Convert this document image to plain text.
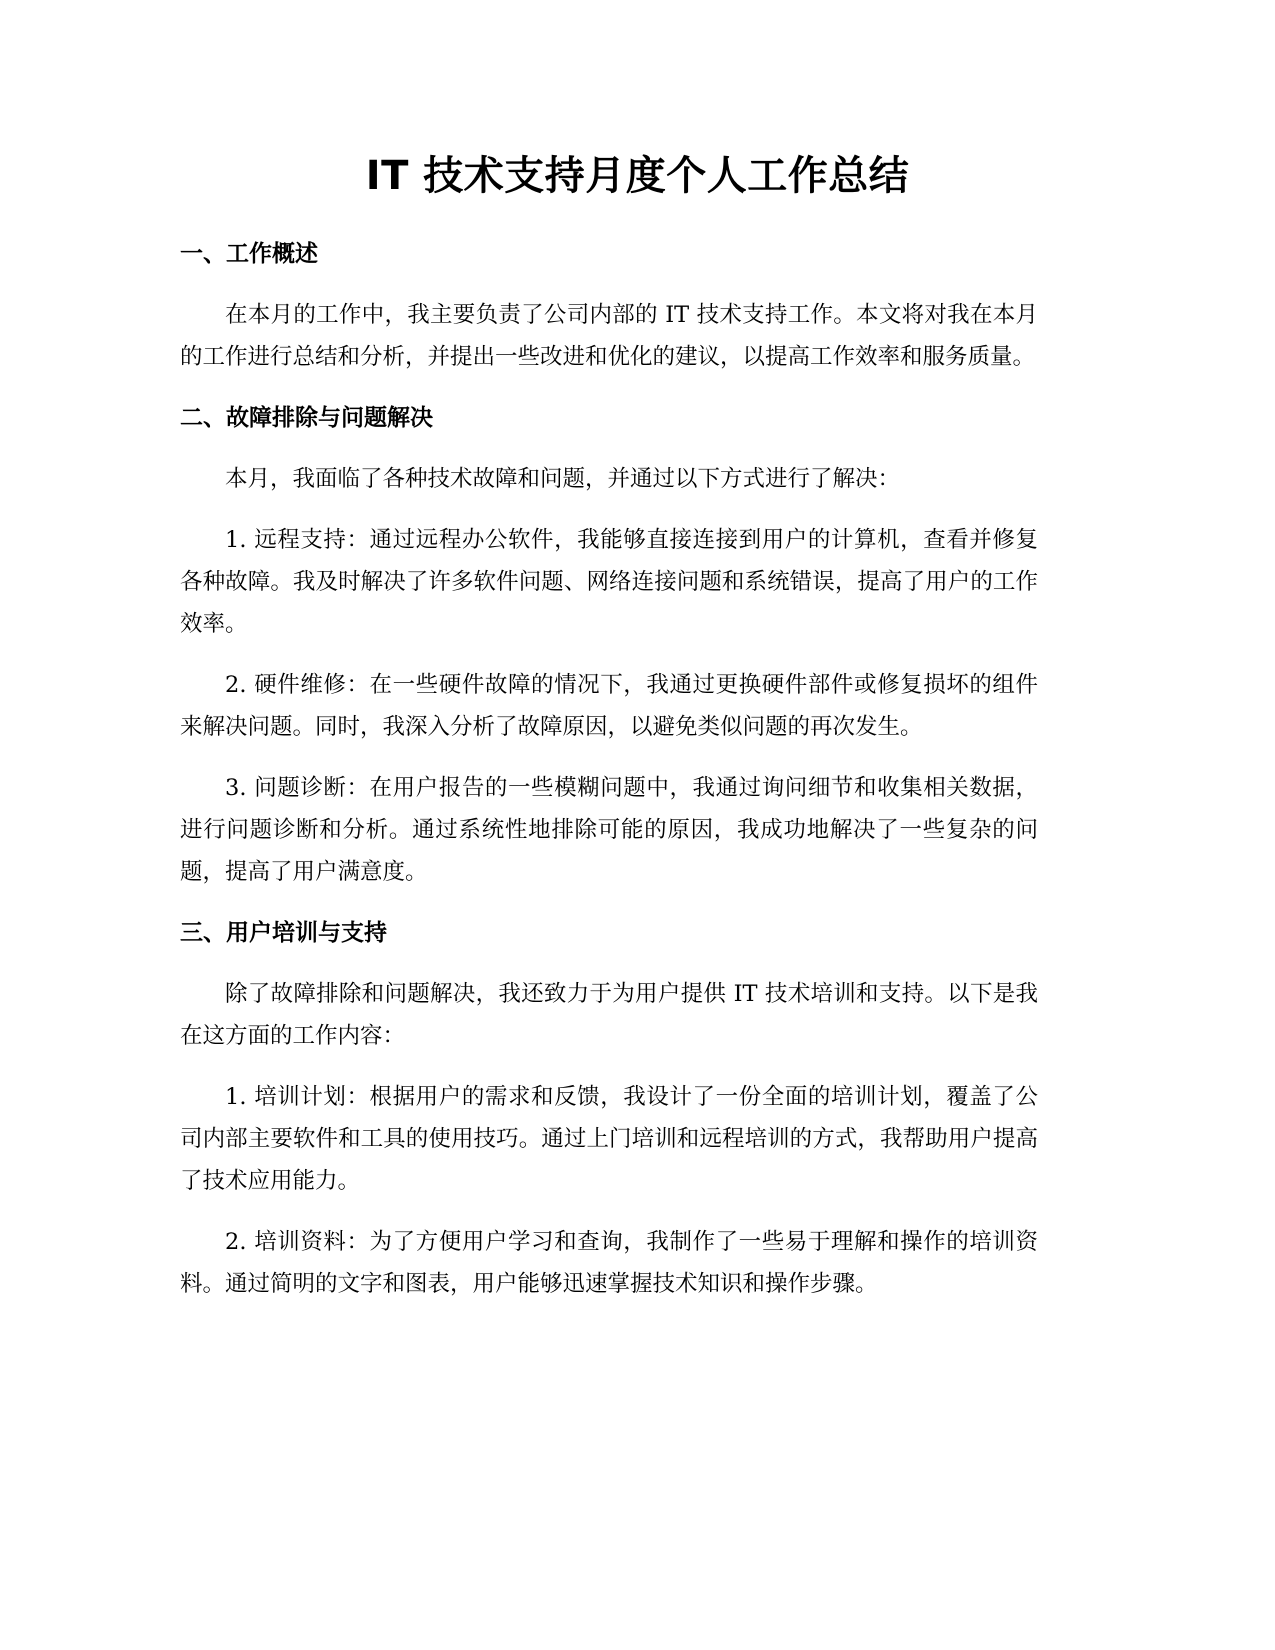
IT 技术支持月度个人工作总结
一、工作概述

在本月的工作中，我主要负责了公司内部的 IT 技术支持工作。本文将对我在本月的工作进行总结和分析，并提出一些改进和优化的建议，以提高工作效率和服务质量。

二、故障排除与问题解决

本月，我面临了各种技术故障和问题，并通过以下方式进行了解决：

1. 远程支持：通过远程办公软件，我能够直接连接到用户的计算机，查看并修复各种故障。我及时解决了许多软件问题、网络连接问题和系统错误，提高了用户的工作效率。

2. 硬件维修：在一些硬件故障的情况下，我通过更换硬件部件或修复损坏的组件来解决问题。同时，我深入分析了故障原因，以避免类似问题的再次发生。

3. 问题诊断：在用户报告的一些模糊问题中，我通过询问细节和收集相关数据，进行问题诊断和分析。通过系统性地排除可能的原因，我成功地解决了一些复杂的问题，提高了用户满意度。

三、用户培训与支持

除了故障排除和问题解决，我还致力于为用户提供 IT 技术培训和支持。以下是我在这方面的工作内容：

1. 培训计划：根据用户的需求和反馈，我设计了一份全面的培训计划，覆盖了公司内部主要软件和工具的使用技巧。通过上门培训和远程培训的方式，我帮助用户提高了技术应用能力。

2. 培训资料：为了方便用户学习和查询，我制作了一些易于理解和操作的培训资料。通过简明的文字和图表，用户能够迅速掌握技术知识和操作步骤。
